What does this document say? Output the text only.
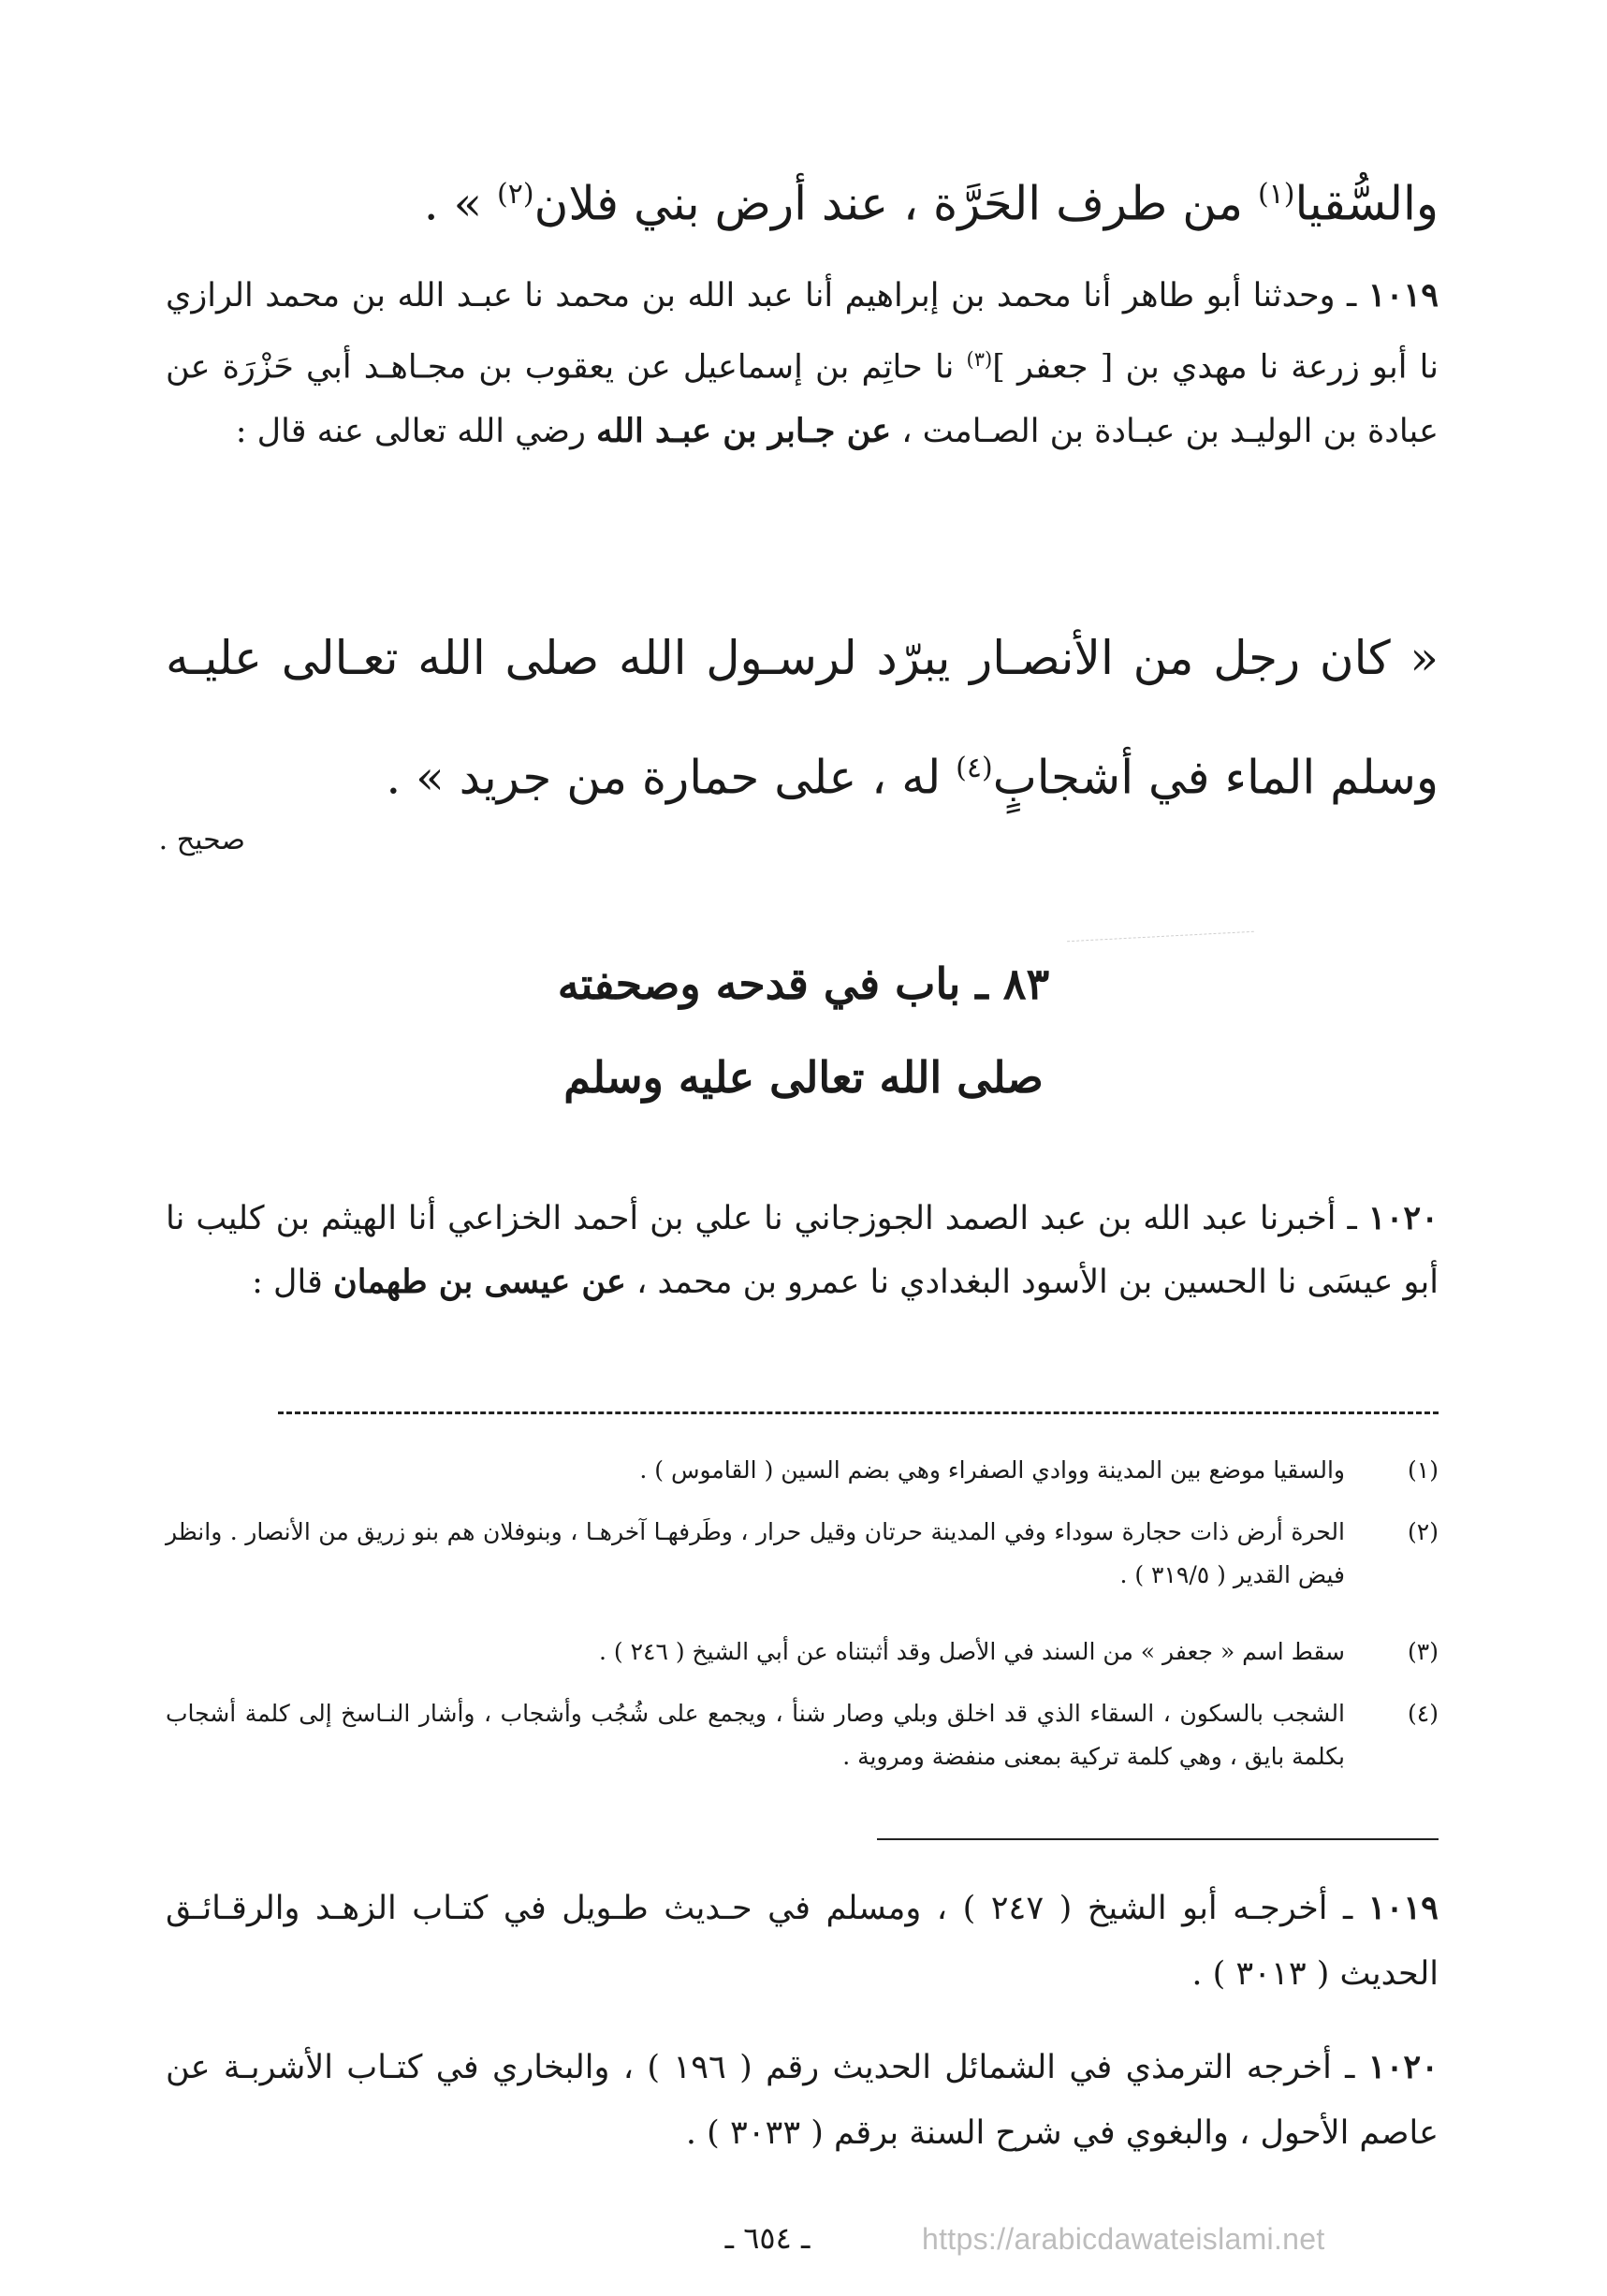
والسُّقيا$^{(١)}$ من طرف الحَرَّة ، عند أرض بني فلان$^{(٢)}$ » .
١٠١٩ ـ وحدثنا أبو طاهر أنا محمد بن إبراهيم أنا عبد الله بن محمد نا عبـد الله بن محمد الرازي نا أبو زرعة نا مهدي بن [ جعفر ]$^{(٣)}$ نا حاتِم بن إسماعيل عن يعقوب بن مجـاهـد أبي حَزْرَة عن عبادة بن الوليـد بن عبـادة بن الصـامت ، عن جـابر بن عبـد الله رضي الله تعالى عنه قال :
« كان رجل من الأنصـار يبرّد لرسـول الله صلى الله تعـالى عليـه وسلم الماء في أشجابٍ$^{(٤)}$ له ، على حمارة من جريد » .
صحيح .
٨٣ ـ باب في قدحه وصحفته
صلى الله تعالى عليه وسلم
١٠٢٠ ـ أخبرنا عبد الله بن عبد الصمد الجوزجاني نا علي بن أحمد الخزاعي أنا الهيثم بن كليب نا أبو عيسَى نا الحسين بن الأسود البغدادي نا عمرو بن محمد ، عن عيسى بن طهمان قال :
(١)
والسقيا موضع بين المدينة ووادي الصفراء وهي بضم السين ( القاموس ) .
(٢)
الحرة أرض ذات حجارة سوداء وفي المدينة حرتان وقيل حرار ، وطَرفهـا آخرهـا ، وبنوفلان هم بنو زريق من الأنصار . وانظر فيض القدير ( ٣١٩/٥ ) .
(٣)
سقط اسم « جعفر » من السند في الأصل وقد أثبتناه عن أبي الشيخ ( ٢٤٦ ) .
(٤)
الشجب بالسكون ، السقاء الذي قد اخلق وبلي وصار شنأ ، ويجمع على شُجُب وأشجاب ، وأشار النـاسخ إلى كلمة أشجاب بكلمة بايق ، وهي كلمة تركية بمعنى منفضة ومروية .
١٠١٩ ـ أخرجـه أبو الشيخ ( ٢٤٧ ) ، ومسلم في حـديث طـويل في كتـاب الزهـد والرقـائـق الحديث ( ٣٠١٣ ) .
١٠٢٠ ـ أخرجه الترمذي في الشمائل الحديث رقم ( ١٩٦ ) ، والبخاري في كتـاب الأشربـة عن عاصم الأحول ، والبغوي في شرح السنة برقم ( ٣٠٣٣ ) .
ـ ٦٥٤ ـ	https://arabicdawateislami.net
